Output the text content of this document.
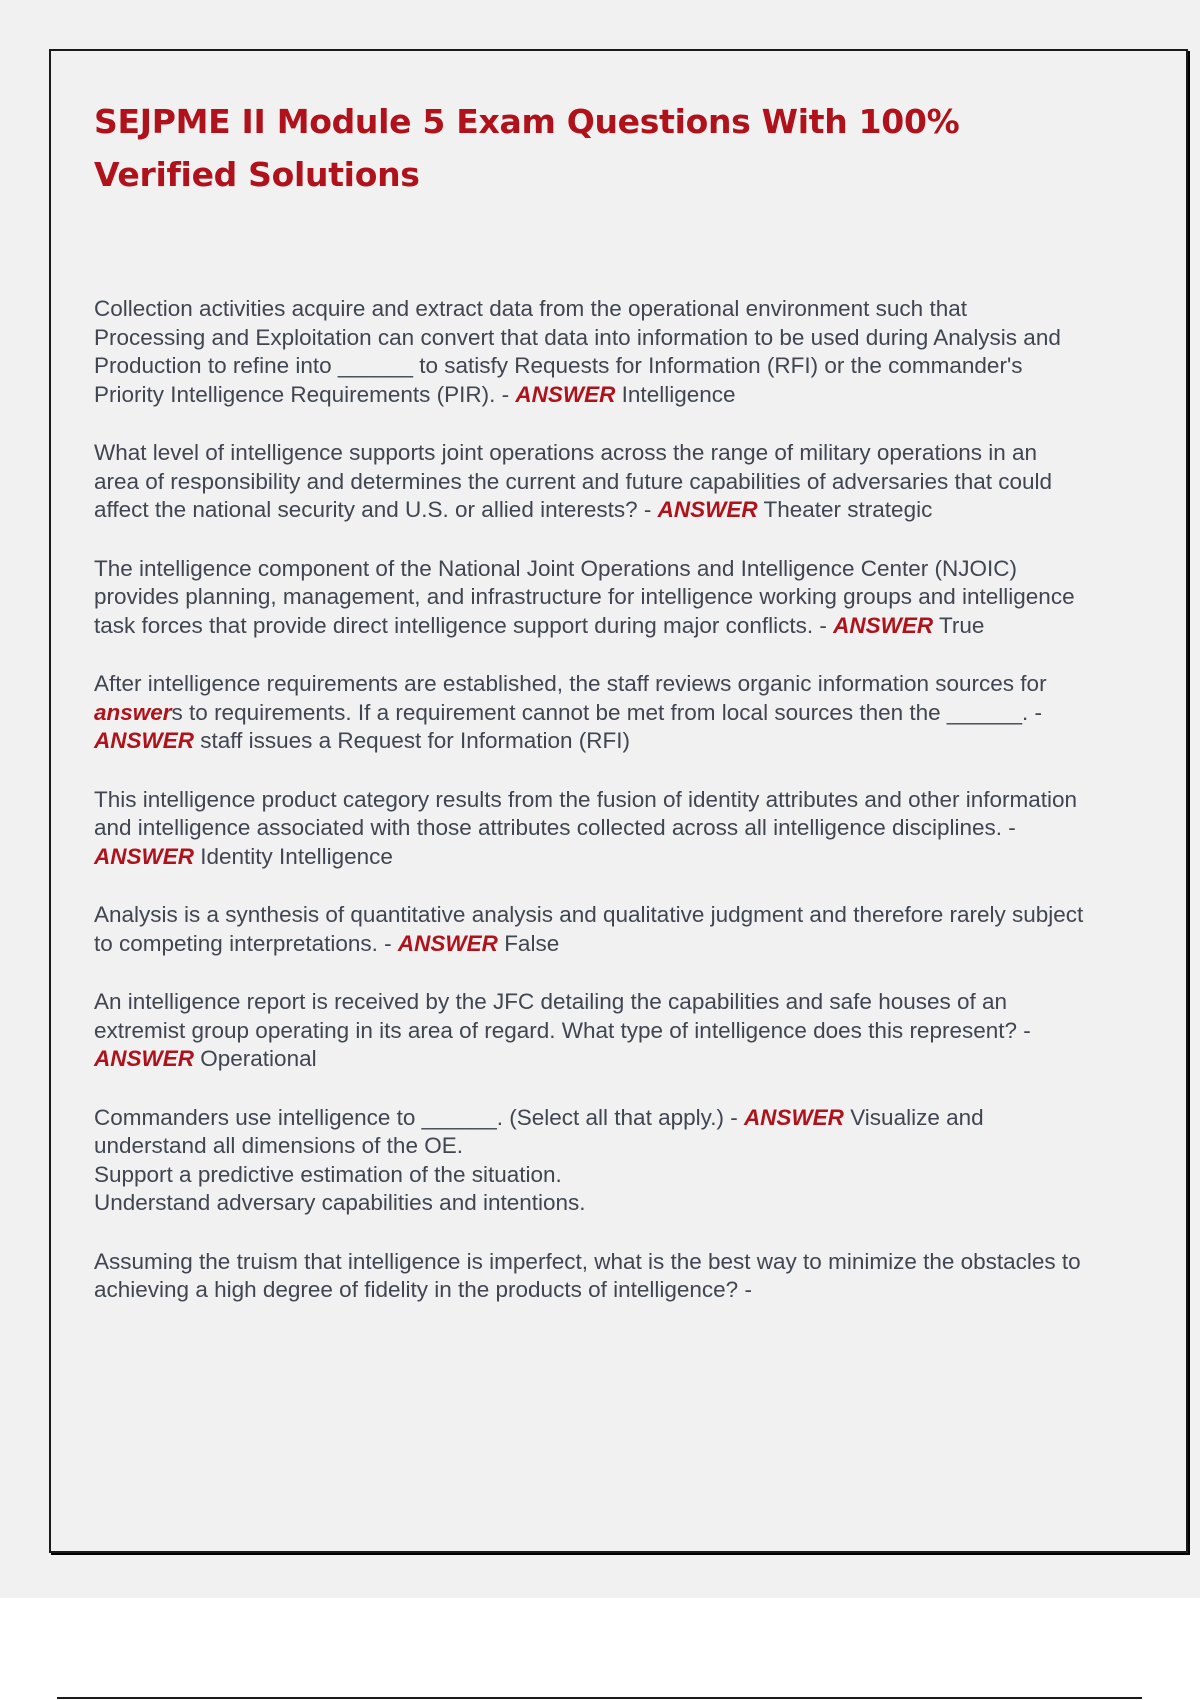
SEJPME II Module 5 Exam Questions With 100% Verified Solutions

Collection activities acquire and extract data from the operational environment such that Processing and Exploitation can convert that data into information to be used during Analysis and Production to refine into ______ to satisfy Requests for Information (RFI) or the commander's Priority Intelligence Requirements (PIR). - ANSWER Intelligence

What level of intelligence supports joint operations across the range of military operations in an area of responsibility and determines the current and future capabilities of adversaries that could affect the national security and U.S. or allied interests? - ANSWER Theater strategic

The intelligence component of the National Joint Operations and Intelligence Center (NJOIC) provides planning, management, and infrastructure for intelligence working groups and intelligence task forces that provide direct intelligence support during major conflicts. - ANSWER True

After intelligence requirements are established, the staff reviews organic information sources for answers to requirements. If a requirement cannot be met from local sources then the ______. - ANSWER staff issues a Request for Information (RFI)

This intelligence product category results from the fusion of identity attributes and other information and intelligence associated with those attributes collected across all intelligence disciplines. - ANSWER Identity Intelligence

Analysis is a synthesis of quantitative analysis and qualitative judgment and therefore rarely subject to competing interpretations. - ANSWER False

An intelligence report is received by the JFC detailing the capabilities and safe houses of an extremist group operating in its area of regard. What type of intelligence does this represent? - ANSWER Operational

Commanders use intelligence to ______. (Select all that apply.) - ANSWER Visualize and understand all dimensions of the OE.
Support a predictive estimation of the situation.
Understand adversary capabilities and intentions.

Assuming the truism that intelligence is imperfect, what is the best way to minimize the obstacles to achieving a high degree of fidelity in the products of intelligence? -
